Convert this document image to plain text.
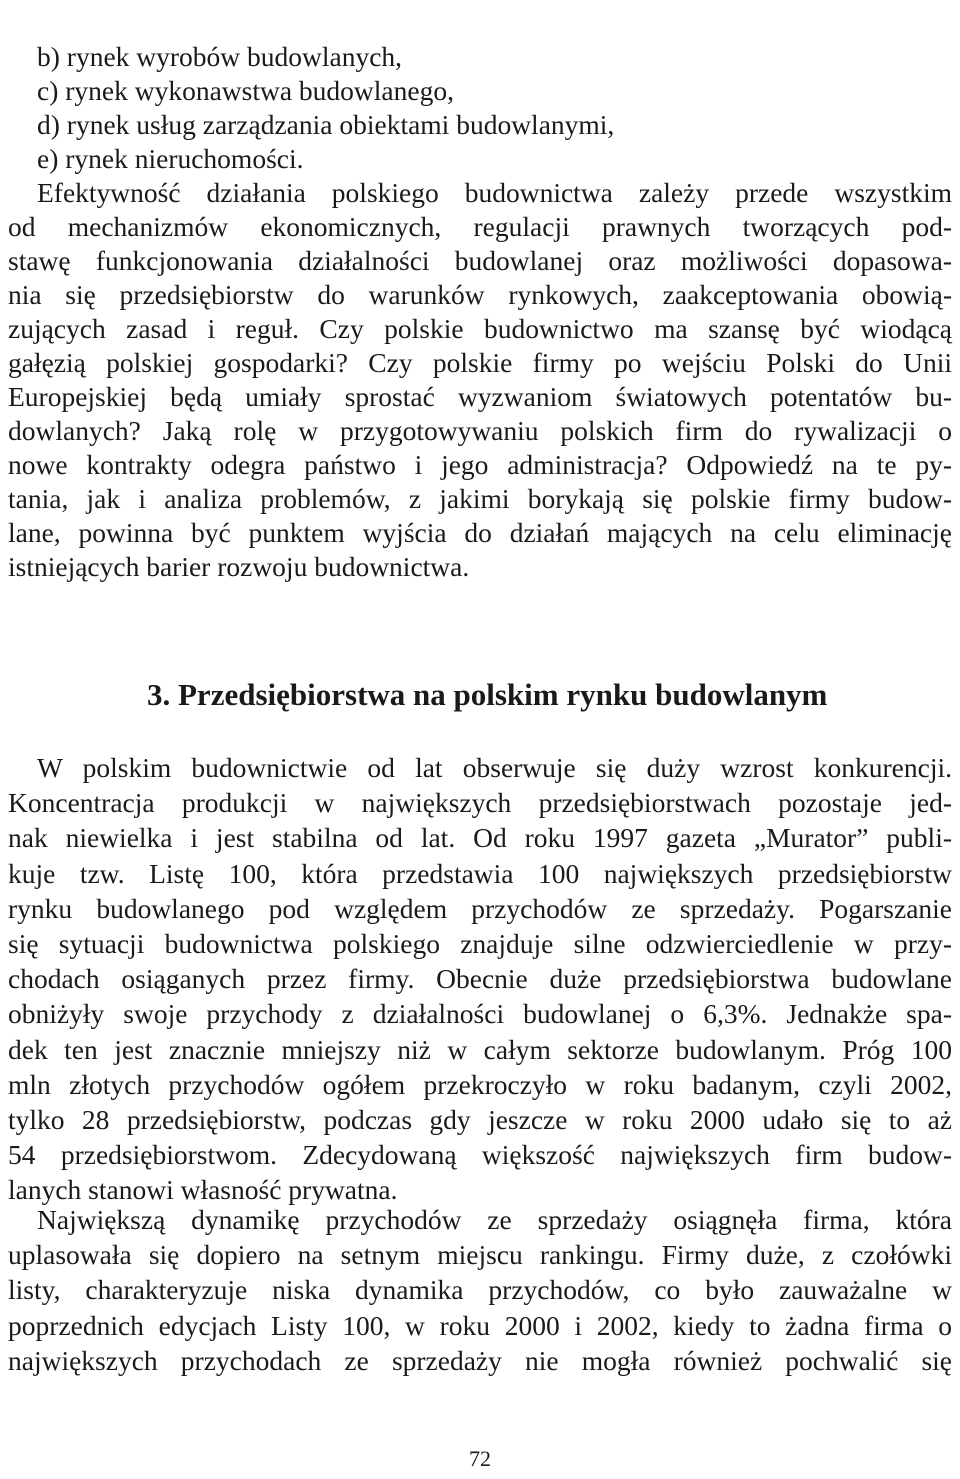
b) rynek wyrobów budowlanych,
c) rynek wykonawstwa budowlanego,
d) rynek usług zarządzania obiektami budowlanymi,
e) rynek nieruchomości.
Efektywność działania polskiego budownictwa zależy przede wszystkim
od mechanizmów ekonomicznych, regulacji prawnych tworzących pod-
stawę funkcjonowania działalności budowlanej oraz możliwości dopasowa-
nia się przedsiębiorstw do warunków rynkowych, zaakceptowania obowią-
zujących zasad i reguł. Czy polskie budownictwo ma szansę być wiodącą
gałęzią polskiej gospodarki? Czy polskie firmy po wejściu Polski do Unii
Europejskiej będą umiały sprostać wyzwaniom światowych potentatów bu-
dowlanych? Jaką rolę w przygotowywaniu polskich firm do rywalizacji o
nowe kontrakty odegra państwo i jego administracja? Odpowiedź na te py-
tania, jak i analiza problemów, z jakimi borykają się polskie firmy budow-
lane, powinna być punktem wyjścia do działań mających na celu eliminację
istniejących barier rozwoju budownictwa.
3. Przedsiębiorstwa na polskim rynku budowlanym
W polskim budownictwie od lat obserwuje się duży wzrost konkurencji.
Koncentracja produkcji w największych przedsiębiorstwach pozostaje jed-
nak niewielka i jest stabilna od lat. Od roku 1997 gazeta „Murator” publi-
kuje tzw. Listę 100, która przedstawia 100 największych przedsiębiorstw
rynku budowlanego pod względem przychodów ze sprzedaży. Pogarszanie
się sytuacji budownictwa polskiego znajduje silne odzwierciedlenie w przy-
chodach osiąganych przez firmy. Obecnie duże przedsiębiorstwa budowlane
obniżyły swoje przychody z działalności budowlanej o 6,3%. Jednakże spa-
dek ten jest znacznie mniejszy niż w całym sektorze budowlanym. Próg 100
mln złotych przychodów ogółem przekroczyło w roku badanym, czyli 2002,
tylko 28 przedsiębiorstw, podczas gdy jeszcze w roku 2000 udało się to aż
54 przedsiębiorstwom. Zdecydowaną większość największych firm budow-
lanych stanowi własność prywatna.
Największą dynamikę przychodów ze sprzedaży osiągnęła firma, która
uplasowała się dopiero na setnym miejscu rankingu. Firmy duże, z czołówki
listy, charakteryzuje niska dynamika przychodów, co było zauważalne w
poprzednich edycjach Listy 100, w roku 2000 i 2002, kiedy to żadna firma o
największych przychodach ze sprzedaży nie mogła również pochwalić się
72
